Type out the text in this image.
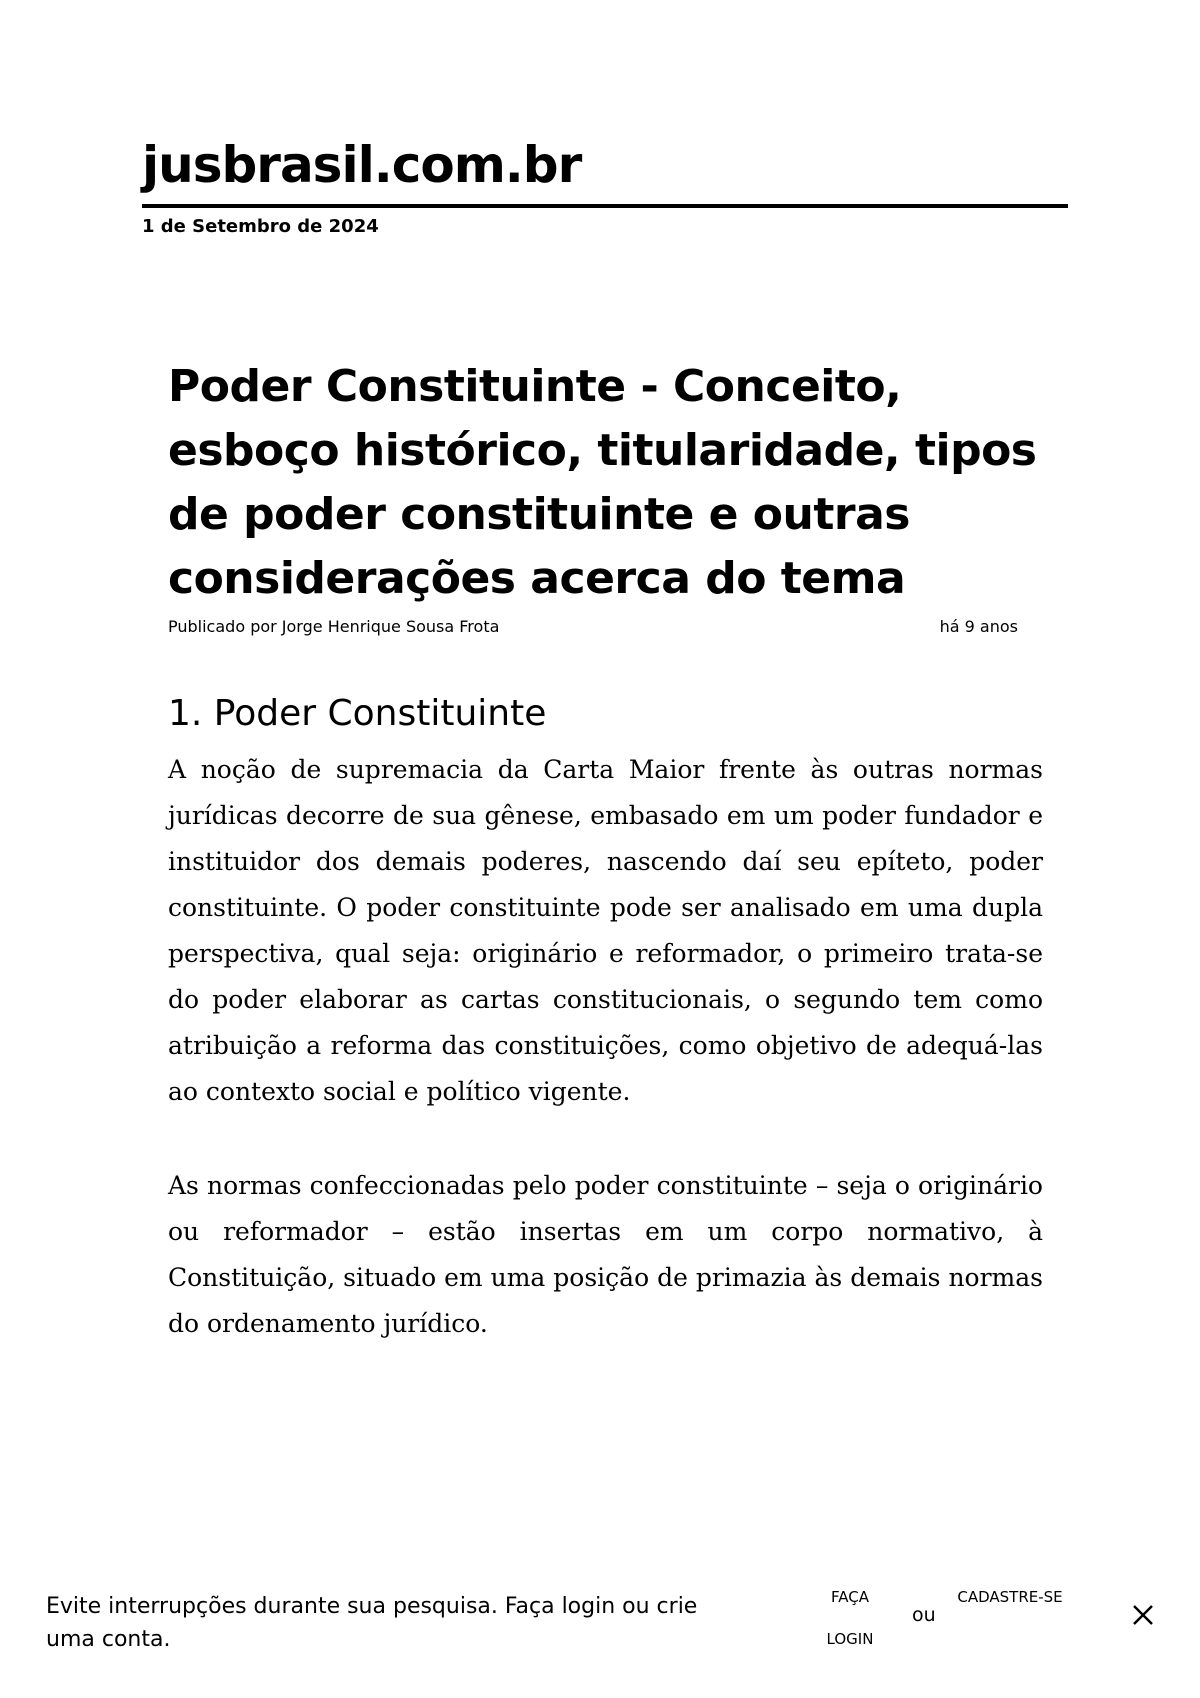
jusbrasil.com.br
1 de Setembro de 2024
Poder Constituinte - Conceito, esboço histórico, titularidade, tipos de poder constituinte e outras considerações acerca do tema
Publicado por Jorge Henrique Sousa Frota	há 9 anos
1. Poder Constituinte

A noção de supremacia da Carta Maior frente às outras normas jurídicas decorre de sua gênese, embasado em um poder fundador e instituidor dos demais poderes, nascendo daí seu epíteto, poder constituinte. O poder constituinte pode ser analisado em uma dupla perspectiva, qual seja: originário e reformador, o primeiro trata-se do poder elaborar as cartas constitucionais, o segundo tem como atribuição a reforma das constituições, como objetivo de adequá-las ao contexto social e político vigente.

As normas confeccionadas pelo poder constituinte – seja o originário ou reformador – estão insertas em um corpo normativo, à Constituição, situado em uma posição de primazia às demais normas do ordenamento jurídico.

Evite interrupções durante sua pesquisa. Faça login ou crie uma conta.
FAÇA LOGIN
ou
CADASTRE-SE
